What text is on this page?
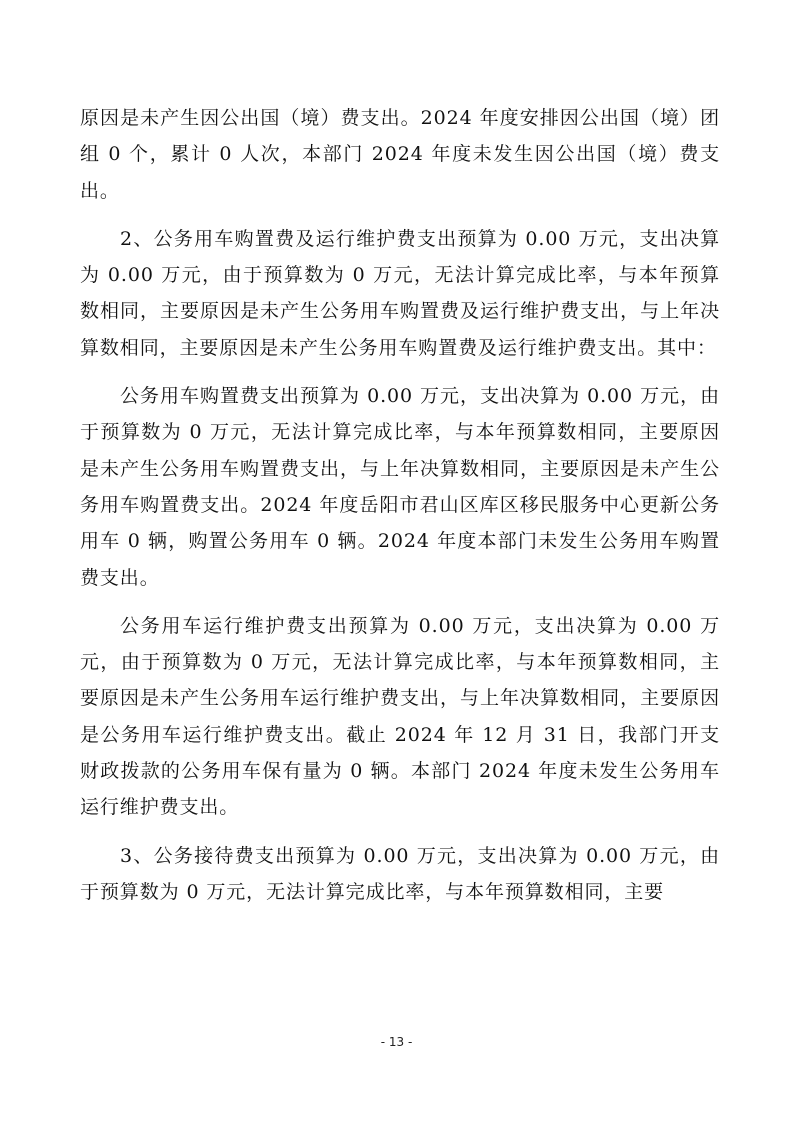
原因是未产生因公出国（境）费支出。2024 年度安排因公出国（境）团组 0 个，累计 0 人次，本部门 2024 年度未发生因公出国（境）费支出。

2、公务用车购置费及运行维护费支出预算为 0.00 万元，支出决算为 0.00 万元，由于预算数为 0 万元，无法计算完成比率，与本年预算数相同，主要原因是未产生公务用车购置费及运行维护费支出，与上年决算数相同，主要原因是未产生公务用车购置费及运行维护费支出。其中：

公务用车购置费支出预算为 0.00 万元，支出决算为 0.00 万元，由于预算数为 0 万元，无法计算完成比率，与本年预算数相同，主要原因是未产生公务用车购置费支出，与上年决算数相同，主要原因是未产生公务用车购置费支出。2024 年度岳阳市君山区库区移民服务中心更新公务用车 0 辆，购置公务用车 0 辆。2024 年度本部门未发生公务用车购置费支出。

公务用车运行维护费支出预算为 0.00 万元，支出决算为 0.00 万元，由于预算数为 0 万元，无法计算完成比率，与本年预算数相同，主要原因是未产生公务用车运行维护费支出，与上年决算数相同，主要原因是公务用车运行维护费支出。截止 2024 年 12 月 31 日，我部门开支财政拨款的公务用车保有量为 0 辆。本部门 2024 年度未发生公务用车运行维护费支出。

3、公务接待费支出预算为 0.00 万元，支出决算为 0.00 万元，由于预算数为 0 万元，无法计算完成比率，与本年预算数相同，主要

- 13 -
